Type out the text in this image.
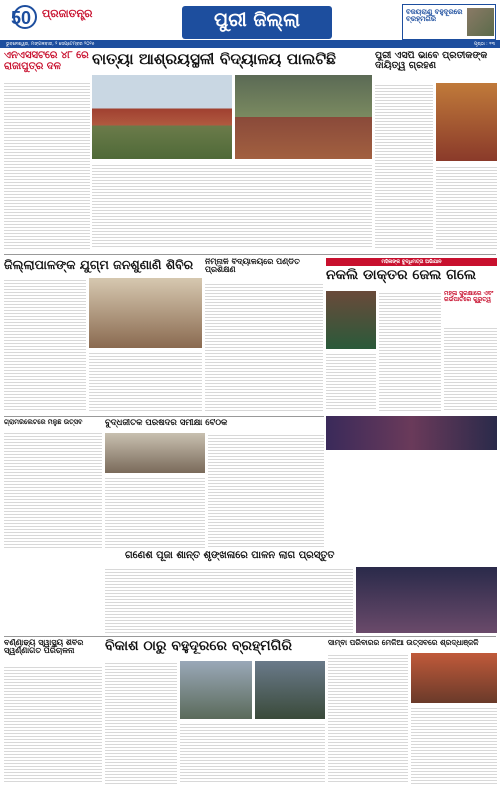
50 ପ୍ରଜାତନ୍ତ୍ର	ପୁରୀ ଜିଲ୍ଲା	ବିଜୟରାଣୁ ବହୁଦୂରରେ ବ୍ରହ୍ମଗିରି
ଭୁବନେଶ୍ୱର, ମଙ୍ଗଳବାର, ୨ ସେପ୍ଟେମ୍ବର ୨୦୨୫	ପୃଷ୍ଠା : ୧୩
ଏନଏସସିଟିରେ ୪୮ ରେ ରାଜାପୁତ୍ର ଦଳ	ବାତ୍ୟା ଆଶ୍ରୟସ୍ଥଳୀ ବିଦ୍ୟାଳୟ ପାଲଟିଛି	ପୁରୀ ଏସପି ଭାବେ ପ୍ରତୀକଙ୍କ ଦାୟିତ୍ୱ ଗ୍ରହଣ
ଜିଲ୍ଲାପାଳଙ୍କ ଯୁଗ୍ମ ଜନଶୁଣାଣି ଶିବିର	ନିମ୍ନାଳି ବିଦ୍ୟାଳୟରେ ପଣ୍ଡିତ ପ୍ରଶିକ୍ଷଣ
ମହିଳାଙ୍କ ବୁଦ୍ଧିମତ୍ତା ଅଭିଯାନ
ନକଲି ଡାକ୍ତର ଜେଲ ଗଲେ
ମହିଳା ସୁରକ୍ଷାରେ ଏବଂ ଗର୍ଭପାତରେ ଗୁରୁତ୍ୱ
ଗ୍ରାମରିଲେଟରେ ମିଳୁଛି ଉତ୍ସବ	ବୁଦ୍ଧଜୀତିକ ପରିଷଦର ସମୀକ୍ଷା ବୈଠକ
ଗଣେଶ ପୂଜା ଶାନ୍ତି ଶୃଙ୍ଖଳାରେ ପାଳନ ଲାଗି ପ୍ରସ୍ତୁତି
ବର୍ଣ୍ଣାଢ୍ୟ ସ୍ୱାସ୍ଥ୍ୟ ଶିବିର ସ୍ୱର୍ଣ୍ଣାଗତ ପରିଚାଳନା	ବିକାଶ ଠାରୁ ବହୁଦୂରରେ ବ୍ରହ୍ମଗିରି	ସାମ୍ବା ପରିବାରର ମେଳିଆ ଉତ୍ସବରେ ଶ୍ରଦ୍ଧାଞ୍ଜଳି
